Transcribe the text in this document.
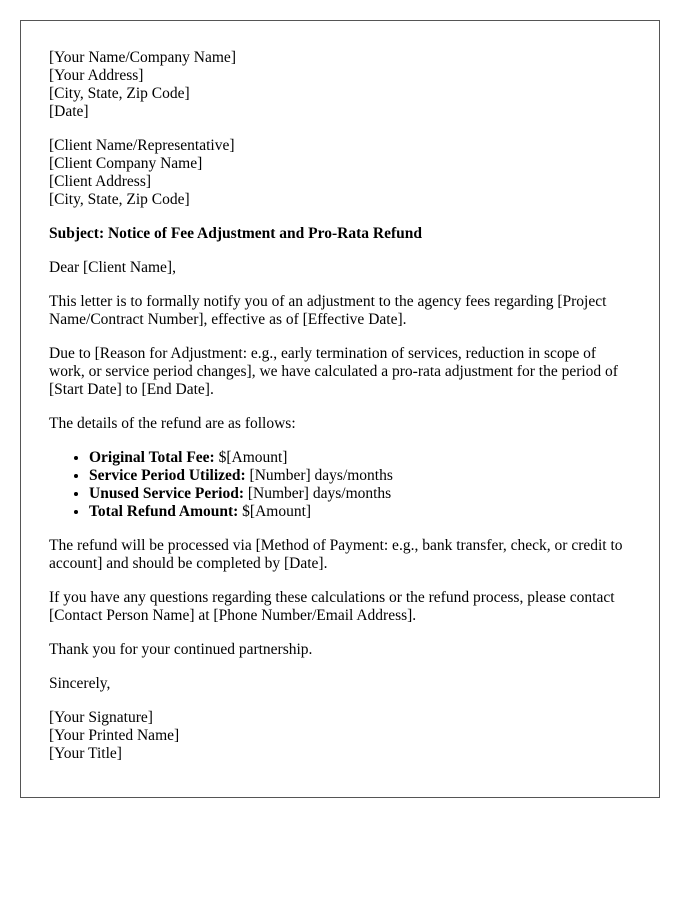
[Your Name/Company Name]
[Your Address]
[City, State, Zip Code]
[Date]
[Client Name/Representative]
[Client Company Name]
[Client Address]
[City, State, Zip Code]

Subject: Notice of Fee Adjustment and Pro-Rata Refund

Dear [Client Name],

This letter is to formally notify you of an adjustment to the agency fees regarding [Project Name/Contract Number], effective as of [Effective Date].

Due to [Reason for Adjustment: e.g., early termination of services, reduction in scope of work, or service period changes], we have calculated a pro-rata adjustment for the period of [Start Date] to [End Date].

The details of the refund are as follows:

• Original Total Fee: $[Amount]
• Service Period Utilized: [Number] days/months
• Unused Service Period: [Number] days/months
• Total Refund Amount: $[Amount]

The refund will be processed via [Method of Payment: e.g., bank transfer, check, or credit to account] and should be completed by [Date].

If you have any questions regarding these calculations or the refund process, please contact [Contact Person Name] at [Phone Number/Email Address].

Thank you for your continued partnership.

Sincerely,

[Your Signature]
[Your Printed Name]
[Your Title]
